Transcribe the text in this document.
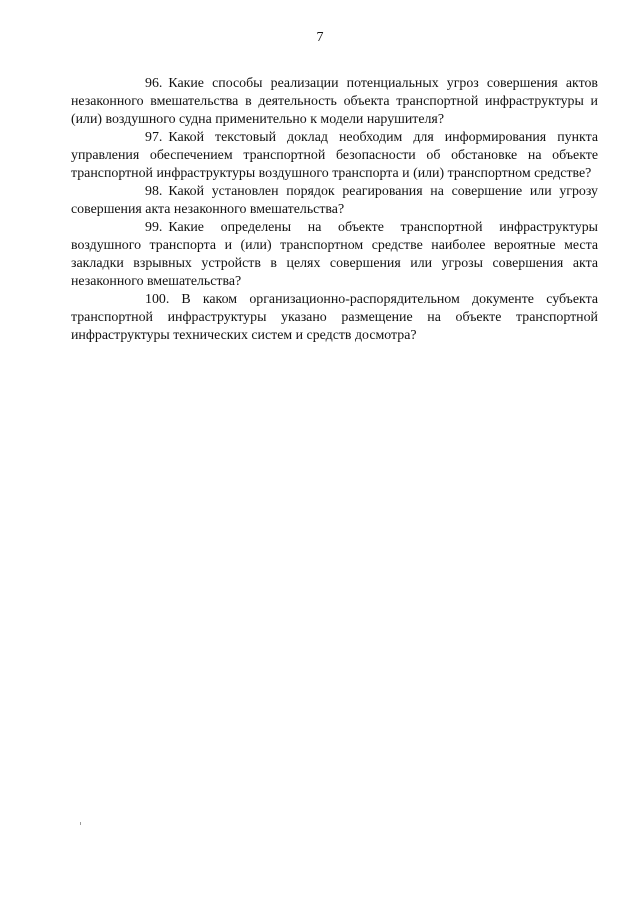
7

96. Какие способы реализации потенциальных угроз совершения актов незаконного вмешательства в деятельность объекта транспортной инфраструктуры и (или) воздушного судна применительно к модели нарушителя?

97. Какой текстовый доклад необходим для информирования пункта управления обеспечением транспортной безопасности об обстановке на объекте транспортной инфраструктуры воздушного транспорта и (или) транспортном средстве?

98. Какой установлен порядок реагирования на совершение или угрозу совершения акта незаконного вмешательства?

99. Какие определены на объекте транспортной инфраструктуры воздушного транспорта и (или) транспортном средстве наиболее вероятные места закладки взрывных устройств в целях совершения или угрозы совершения акта незаконного вмешательства?

100. В каком организационно-распорядительном документе субъекта транспортной инфраструктуры указано размещение на объекте транспортной инфраструктуры технических систем и средств досмотра?
